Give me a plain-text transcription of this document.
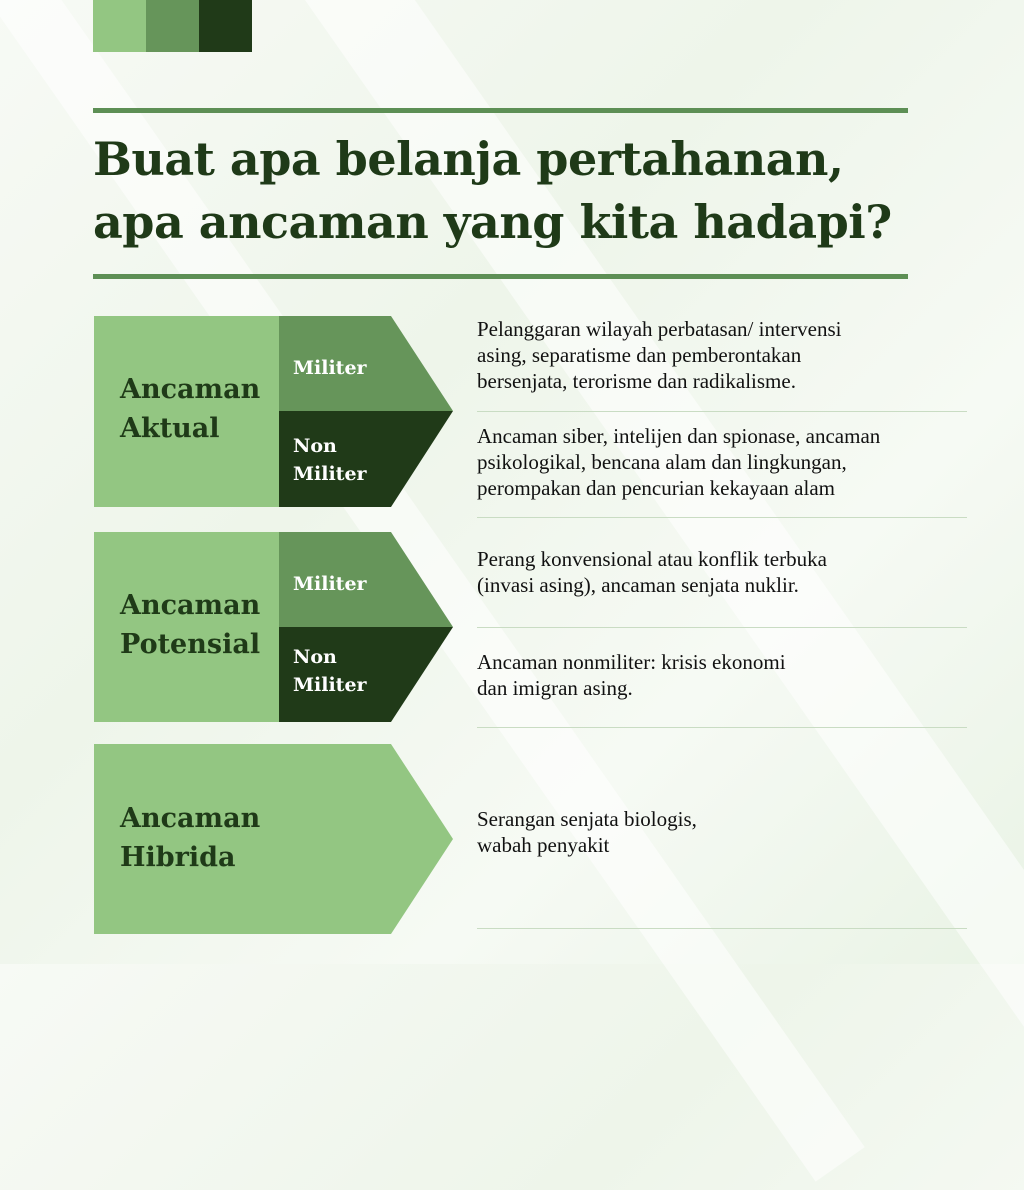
Buat apa belanja pertahanan,
apa ancaman yang kita hadapi?
Ancaman
Aktual
Militer
Non
Militer

Pelanggaran wilayah perbatasan/ intervensi
asing, separatisme dan pemberontakan
bersenjata, terorisme dan radikalisme.

Ancaman siber, intelijen dan spionase, ancaman
psikologikal, bencana alam dan lingkungan,
perompakan dan pencurian kekayaan alam

Ancaman
Potensial
Militer
Non
Militer

Perang konvensional atau konflik terbuka
(invasi asing), ancaman senjata nuklir.

Ancaman nonmiliter: krisis ekonomi
dan imigran asing.

Ancaman
Hibrida

Serangan senjata biologis,
wabah penyakit
